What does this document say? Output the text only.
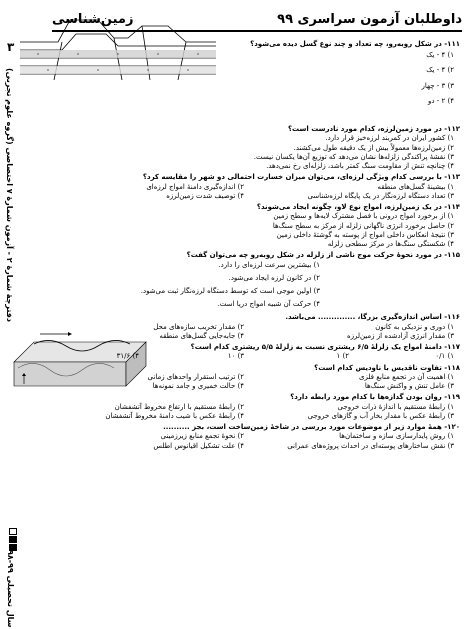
داوطلبان آزمون سراسری ۹۹
زمین‌شناسی
۳
دفترچهٔ شمارهٔ ۲ - آزمون شمارهٔ ۷ اختصاصی (گروه علوم تجربی)
سال تحصیلی ۹۹-۹۸
۱۱۱- در شکل روبه‌رو، چه تعداد و چند نوع گسل دیده می‌شود؟
۱) ۴ - یک
۲) ۴ - یک
۳) ۳ - چهار
۴) ۲ - دو
۱۱۲- در مورد زمین‌لرزه، کدام مورد نادرست است؟
۱) کشور ایران در کمربند لرزه‌خیز قرار دارد.
۲) زمین‌لرزه‌ها معمولاً بیش از یک دقیقه طول می‌کشند.
۳) نقشهٔ پراکندگی زلزله‌ها نشان می‌دهد که توزیع آن‌ها یکسان نیست.
۴) چنانچه تنش از مقاومت سنگ کمتر باشد، زلزله‌ای رخ نمی‌دهد.
۱۱۳- با بررسی کدام ویژگی لرزه‌ای، می‌توان میزان خسارت احتمالی دو شهر را مقایسه کرد؟
۱) بیشینهٔ گسل‌های منطقه
۲) اندازه‌گیری دامنهٔ امواج لرزه‌ای
۳) تعداد دستگاه لرزه‌نگار در یک پایگاه لرزه‌شناسی
۴) توصیف شدت زمین‌لرزه
۱۱۴- در یک زمین‌لرزه، امواج نوع لاو، چگونه ایجاد می‌شوند؟
۱) از برخورد امواج درونی با فصل مشترک لایه‌ها و سطح زمین
۲) حاصل برخورد انرژی ناگهانی زلزله از مرکز به سطح سنگ‌ها
۳) نتیجهٔ انعکاس داخلی امواج از پوسته به گوشتهٔ داخلی زمین
۴) شکستگی سنگ‌ها در مرکز سطحی زلزله
۱۱۵- در مورد نحوهٔ حرکت موج ناشی از زلزله در شکل روبه‌رو چه می‌توان گفت؟
۱) بیشترین سرعت لرزه‌ای را دارد.
۲) در کانون لرزه ایجاد می‌شود.
۳) اولین موجی است که توسط دستگاه لرزه‌نگار ثبت می‌شود.
۴) حرکت آن شبیه امواج دریا است.
۱۱۶- اساس اندازه‌گیری بزرگا، .............. می‌باشد.
۱) دوری و نزدیکی به کانون
۲) مقدار تخریب سازه‌های محل
۳) مقدار انرژی آزادشده از زمین‌لرزه
۴) جابه‌جایی گسل‌های منطقه
۱۱۷- دامنهٔ امواج یک زلزلهٔ ۶/۵ ریشتری نسبت به زلزلهٔ ۵/۵ ریشتری کدام است؟
۱) ۰/۱
۲) ۱
۳) ۱۰
۴) ۳۱/۶
۱۱۸- تفاوت ناقدیس با ناودیس کدام است؟
۱) اهمیت آن در تجمع منابع فلزی
۲) ترتیب استقرار واحدهای زمانی
۳) عامل تنش و واکنش سنگ‌ها
۴) حالت خمیری و جامد نمونه‌ها
۱۱۹- روان بودن گدازه‌ها با کدام مورد رابطه دارد؟
۱) رابطهٔ مستقیم با اندازهٔ ذرات خروجی
۲) رابطهٔ مستقیم با ارتفاع مخروط آتشفشان
۳) رابطهٔ عکس با مقدار بخار آب و گازهای خروجی
۴) رابطهٔ عکس با شیب دامنهٔ مخروط آتشفشان
۱۲۰- همهٔ موارد زیر از موضوعات مورد بررسی در شاخهٔ زمین‌ساخت است، بجز ..........
۱) روش پایدارسازی سازه و ساختمان‌ها
۲) نحوهٔ تجمع منابع زیرزمینی
۳) نقش ساختارهای پوسته‌ای در احداث پروژه‌های عمرانی
۴) علت تشکیل اقیانوس اطلس
